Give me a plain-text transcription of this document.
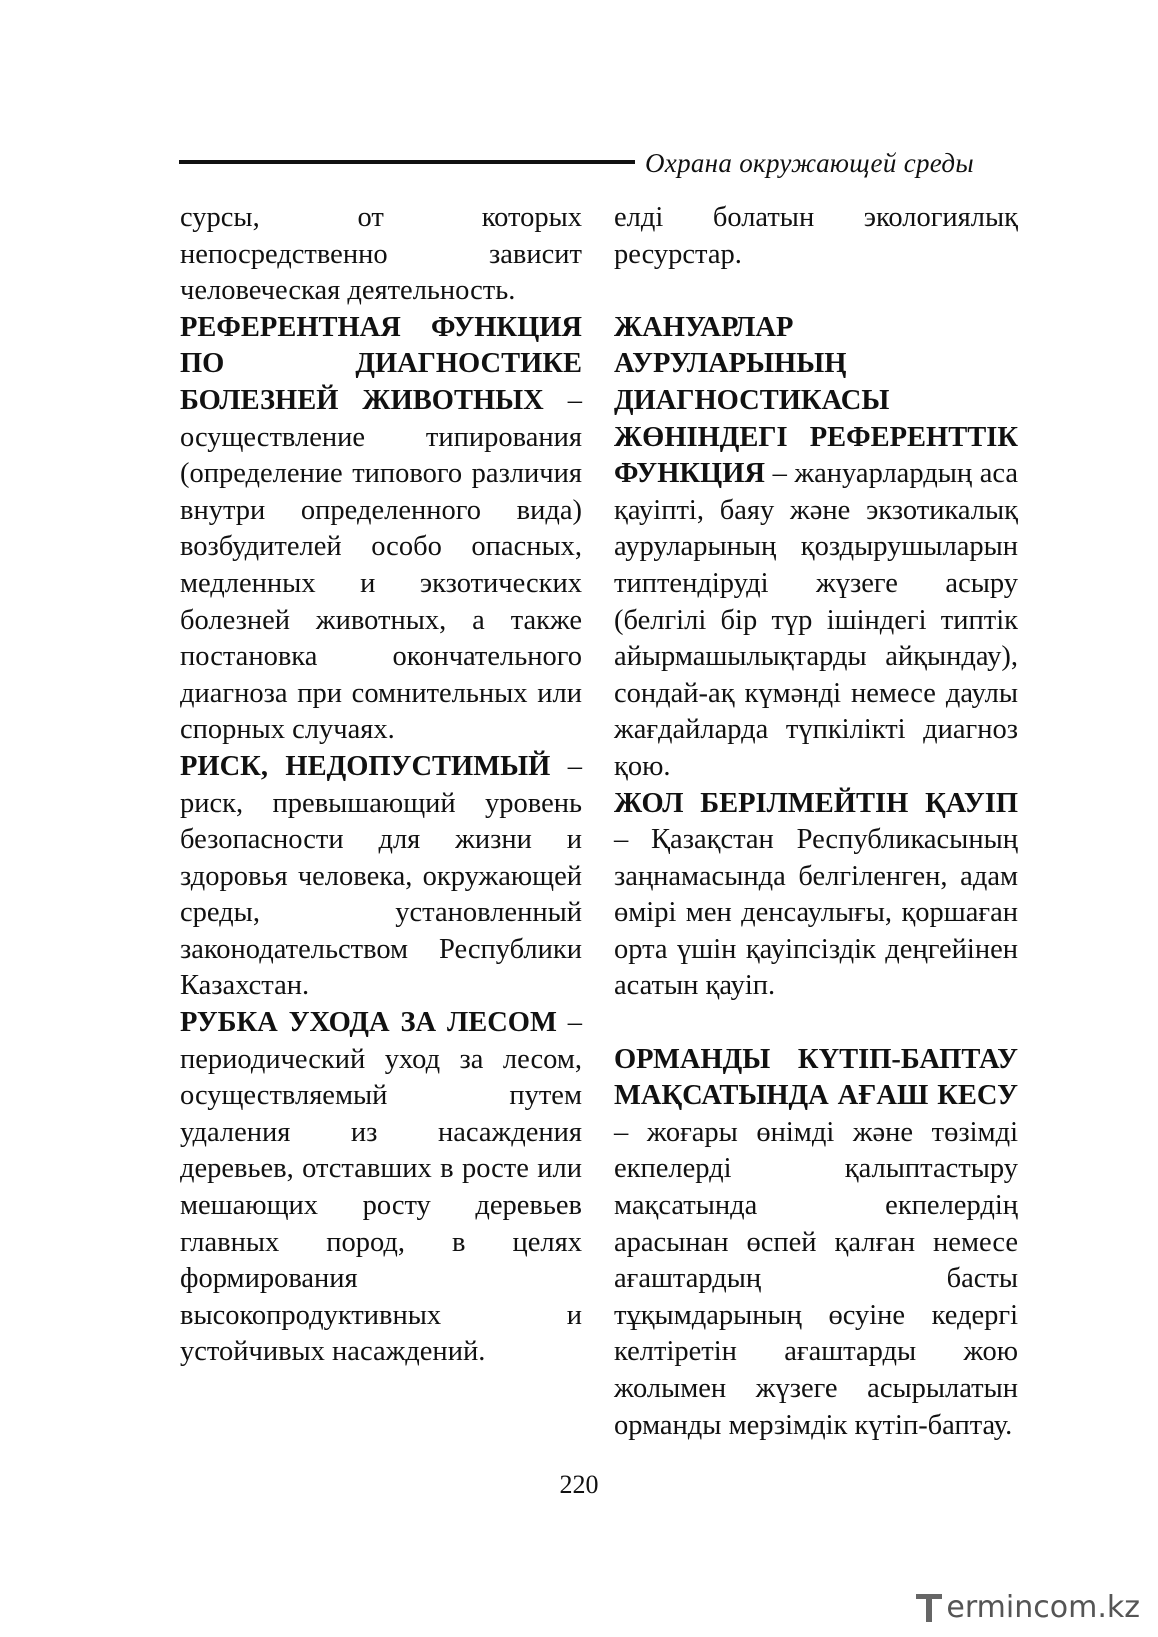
Охрана окружающей среды

сурсы, от которых непосредственно зависит человеческая деятельность.

РЕФЕРЕНТНАЯ ФУНКЦИЯ ПО ДИАГНОСТИКЕ БОЛЕЗНЕЙ ЖИВОТНЫХ – осуществление типирования (определение типового различия внутри определенного вида) возбудителей особо опасных, медленных и экзотических болезней животных, а также постановка окончательного диагноза при сомнительных или спорных случаях.

РИСК, НЕДОПУСТИМЫЙ – риск, превышающий уровень безопасности для жизни и здоровья человека, окружающей среды, установленный законодательством Республики Казахстан.

РУБКА УХОДА ЗА ЛЕСОМ – периодический уход за лесом, осуществляемый путем удаления из насаждения деревьев, отставших в росте или мешающих росту деревьев главных пород, в целях формирования высокопродуктивных и устойчивых насаждений.

елді болатын экологиялық ресурстар.

ЖАНУАРЛАР АУРУЛАРЫНЫҢ ДИАГНОСТИКАСЫ ЖӨНІНДЕГІ РЕФЕРЕНТТІК ФУНКЦИЯ – жануарлардың аса қауіпті, баяу және экзотикалық ауруларының қоздырушыларын типтендіруді жүзеге асыру (белгілі бір түр ішіндегі типтік айырмашылықтарды айқындау), сондай-ақ күмәнді немесе даулы жағдайларда түпкілікті диагноз қою.

ЖОЛ БЕРІЛМЕЙТІН ҚАУІП – Қазақстан Республикасының заңнамасында белгіленген, адам өмірі мен денсаулығы, қоршаған орта үшін қауіпсіздік деңгейінен асатын қауіп.

ОРМАНДЫ КҮТІП-БАПТАУ МАҚСАТЫНДА АҒАШ КЕСУ – жоғары өнімді және төзімді екпелерді қалыптастыру мақсатында екпелердің арасынан өспей қалған немесе ағаштардың басты тұқымдарының өсуіне кедергі келтіретін ағаштарды жою жолымен жүзеге асырылатын орманды мерзімдік күтіп-баптау.

220
ermincom.kz
